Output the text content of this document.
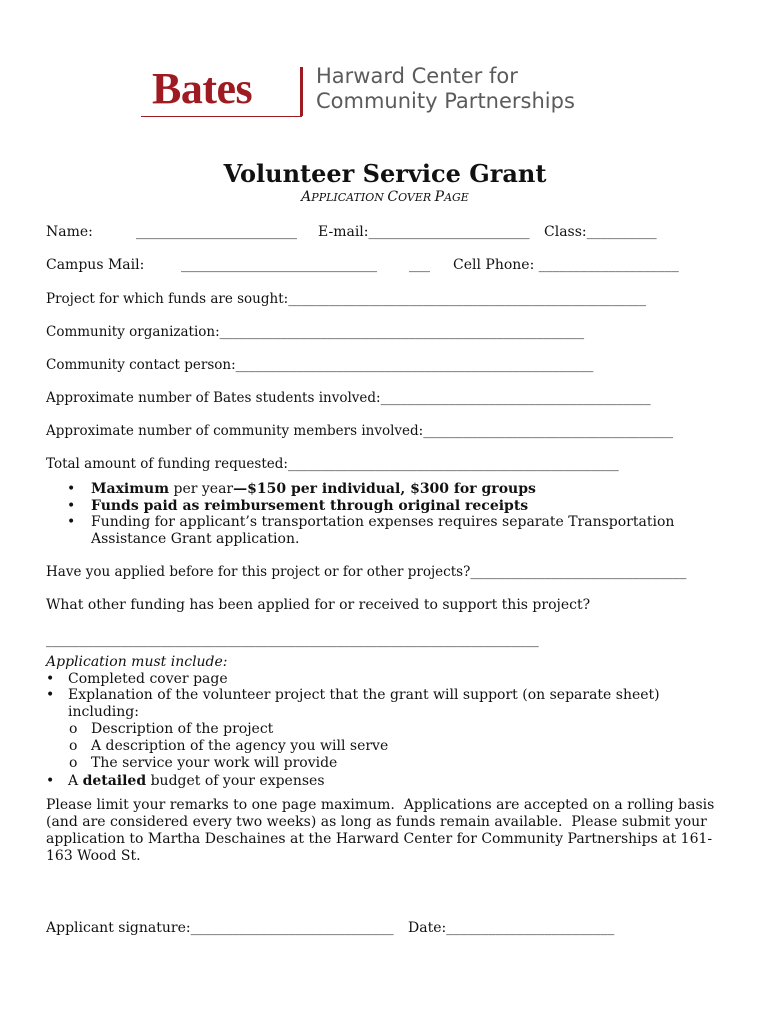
Bates	Harward Center for
Community Partnerships
Volunteer Service Grant
APPLICATION COVER PAGE
Name:	_______________________ E-mail:_______________________ Class:__________
Campus Mail:	____________________________ ___ Cell Phone: ____________________
Project for which funds are sought:_____________________________________________________
Community organization:______________________________________________________
Community contact person:_____________________________________________________
Approximate number of Bates students involved:________________________________________
Approximate number of community members involved:_____________________________________
Total amount of funding requested:_________________________________________________
• Maximum per year—$150 per individual, $300 for groups
• Funds paid as reimbursement through original receipts
• Funding for applicant’s transportation expenses requires separate Transportation
Assistance Grant application.
Have you applied before for this project or for other projects?________________________________
What other funding has been applied for or received to support this project?
_________________________________________________________________________
Application must include:
• Completed cover page
• Explanation of the volunteer project that the grant will support (on separate sheet)
including:
o Description of the project
o A description of the agency you will serve
o The service your work will provide
• A detailed budget of your expenses
Please limit your remarks to one page maximum.  Applications are accepted on a rolling basis
(and are considered every two weeks) as long as funds remain available.  Please submit your
application to Martha Deschaines at the Harward Center for Community Partnerships at 161-
163 Wood St.
Applicant signature:_____________________________ Date:________________________
